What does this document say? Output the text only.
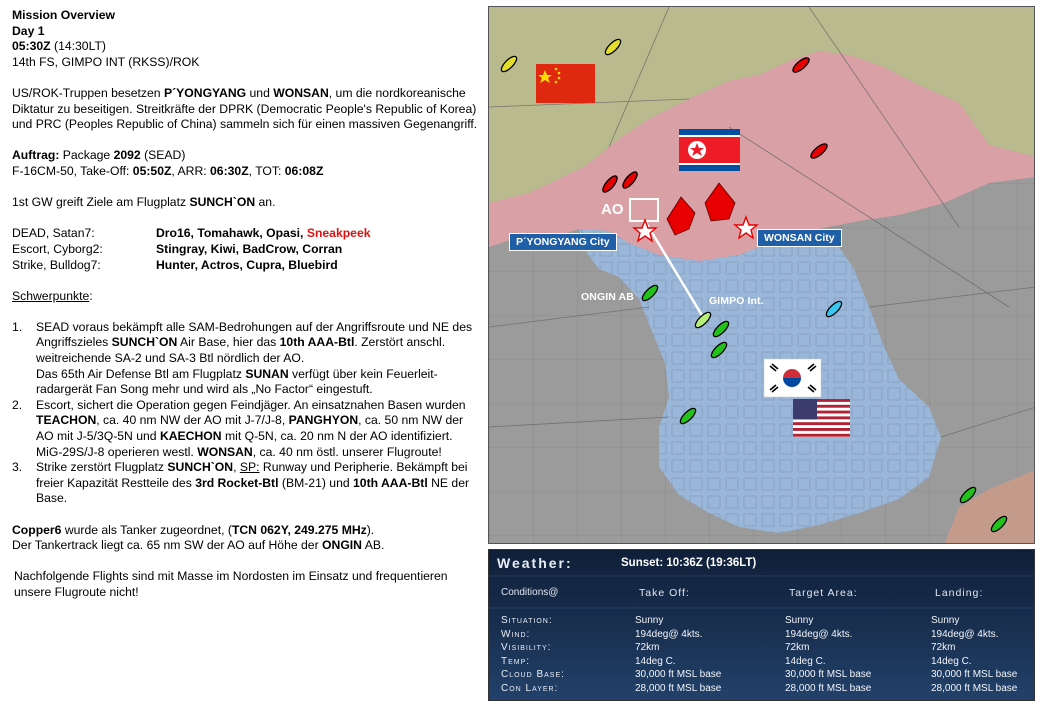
Mission Overview

Day 1

05:30Z (14:30LT)

14th FS, GIMPO INT (RKSS)/ROK

US/ROK-Truppen besetzen P´YONGYANG und WONSAN, um die nordkoreanische Diktatur zu beseitigen. Streitkräfte der DPRK (Democratic People's Republic of Korea) und PRC (Peoples Republic of China) sammeln sich für einen massiven Gegenangriff.

Auftrag: Package 2092 (SEAD)

F-16CM-50, Take-Off: 05:50Z, ARR: 06:30Z, TOT: 06:08Z

1st GW greift Ziele am Flugplatz SUNCH`ON an.

DEAD, Satan7:	Dro16, Tomahawk, Opasi, Sneakpeek
Escort, Cyborg2:	Stingray, Kiwi, BadCrow, Corran
Strike, Bulldog7:	Hunter, Actros, Cupra, Bluebird

Schwerpunkte:

1. SEAD voraus bekämpft alle SAM-Bedrohungen auf der Angriffsroute und NE des Angriffszieles SUNCH`ON Air Base, hier das 10th AAA-Btl. Zerstört anschl. weitreichende SA-2 und SA-3 Btl nördlich der AO.
Das 65th Air Defense Btl am Flugplatz SUNAN verfügt über kein Feuerleit-radargerät Fan Song mehr und wird als „No Factor“ eingestuft.
2. Escort, sichert die Operation gegen Feindjäger. An einsatznahen Basen wurden TEACHON, ca. 40 nm NW der AO mit J-7/J-8, PANGHYON, ca. 50 nm NW der AO mit J-5/3Q-5N und KAECHON mit Q-5N, ca. 20 nm N der AO identifiziert.
MiG-29S/J-8 operieren westl. WONSAN, ca. 40 nm östl. unserer Flugroute!
3. Strike zerstört Flugplatz SUNCH`ON, SP: Runway und Peripherie. Bekämpft bei freier Kapazität Restteile des 3rd Rocket-Btl (BM-21) und 10th AAA-Btl NE der Base.

Copper6 wurde als Tanker zugeordnet, (TCN 062Y, 249.275 MHz).

Der Tankertrack liegt ca. 65 nm SW der AO auf Höhe der ONGIN AB.

Nachfolgende Flights sind mit Masse im Nordosten im Einsatz und frequentieren unsere Flugroute nicht!

AO
P´YONGYANG City	WONSAN City
ONGIN AB	GIMPO Int.
Weather:	Sunset: 10:36Z (19:36LT)
Conditions@	Take Off:	Target Area:	Landing:
Situation:	Sunny	Sunny	Sunny
Wind:	194deg@ 4kts.	194deg@ 4kts.	194deg@ 4kts.
Visibility:	72km	72km	72km
Temp:	14deg C.	14deg C.	14deg C.
Cloud Base:	30,000 ft MSL base	30,000 ft MSL base	30,000 ft MSL base
Con Layer:	28,000 ft MSL base	28,000 ft MSL base	28,000 ft MSL base
